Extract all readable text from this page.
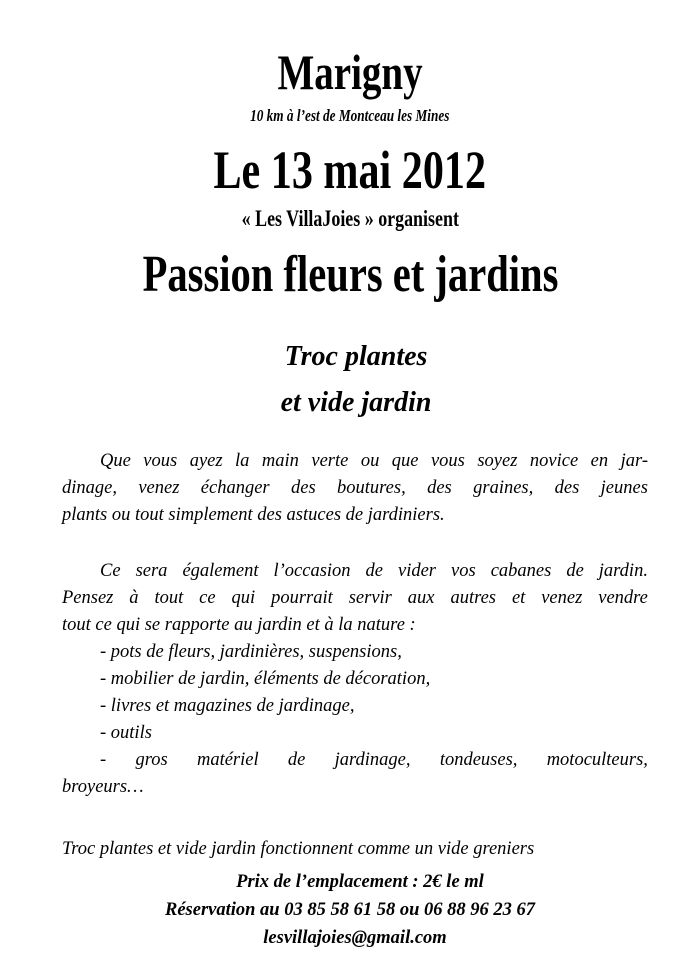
Marigny
10 km à l’est de Montceau les Mines
Le 13 mai 2012
« Les VillaJoies » organisent
Passion fleurs et jardins
Troc plantes
et vide jardin
Que vous ayez la main verte ou que vous soyez novice en jar-
dinage, venez échanger des boutures, des graines, des jeunes
plants ou tout simplement des astuces de jardiniers.
Ce sera également l’occasion de vider vos cabanes de jardin.
Pensez à tout ce qui pourrait servir aux autres et venez vendre
tout ce qui se rapporte au jardin et à la nature :
- pots de fleurs, jardinières, suspensions,
- mobilier de jardin, éléments de décoration,
- livres et magazines de jardinage,
- outils
- gros matériel de jardinage, tondeuses, motoculteurs,
broyeurs…
Troc plantes et vide jardin fonctionnent comme un vide greniers
Prix de l’emplacement : 2€ le ml
Réservation au 03 85 58 61 58 ou 06 88 96 23 67
lesvillajoies@gmail.com
